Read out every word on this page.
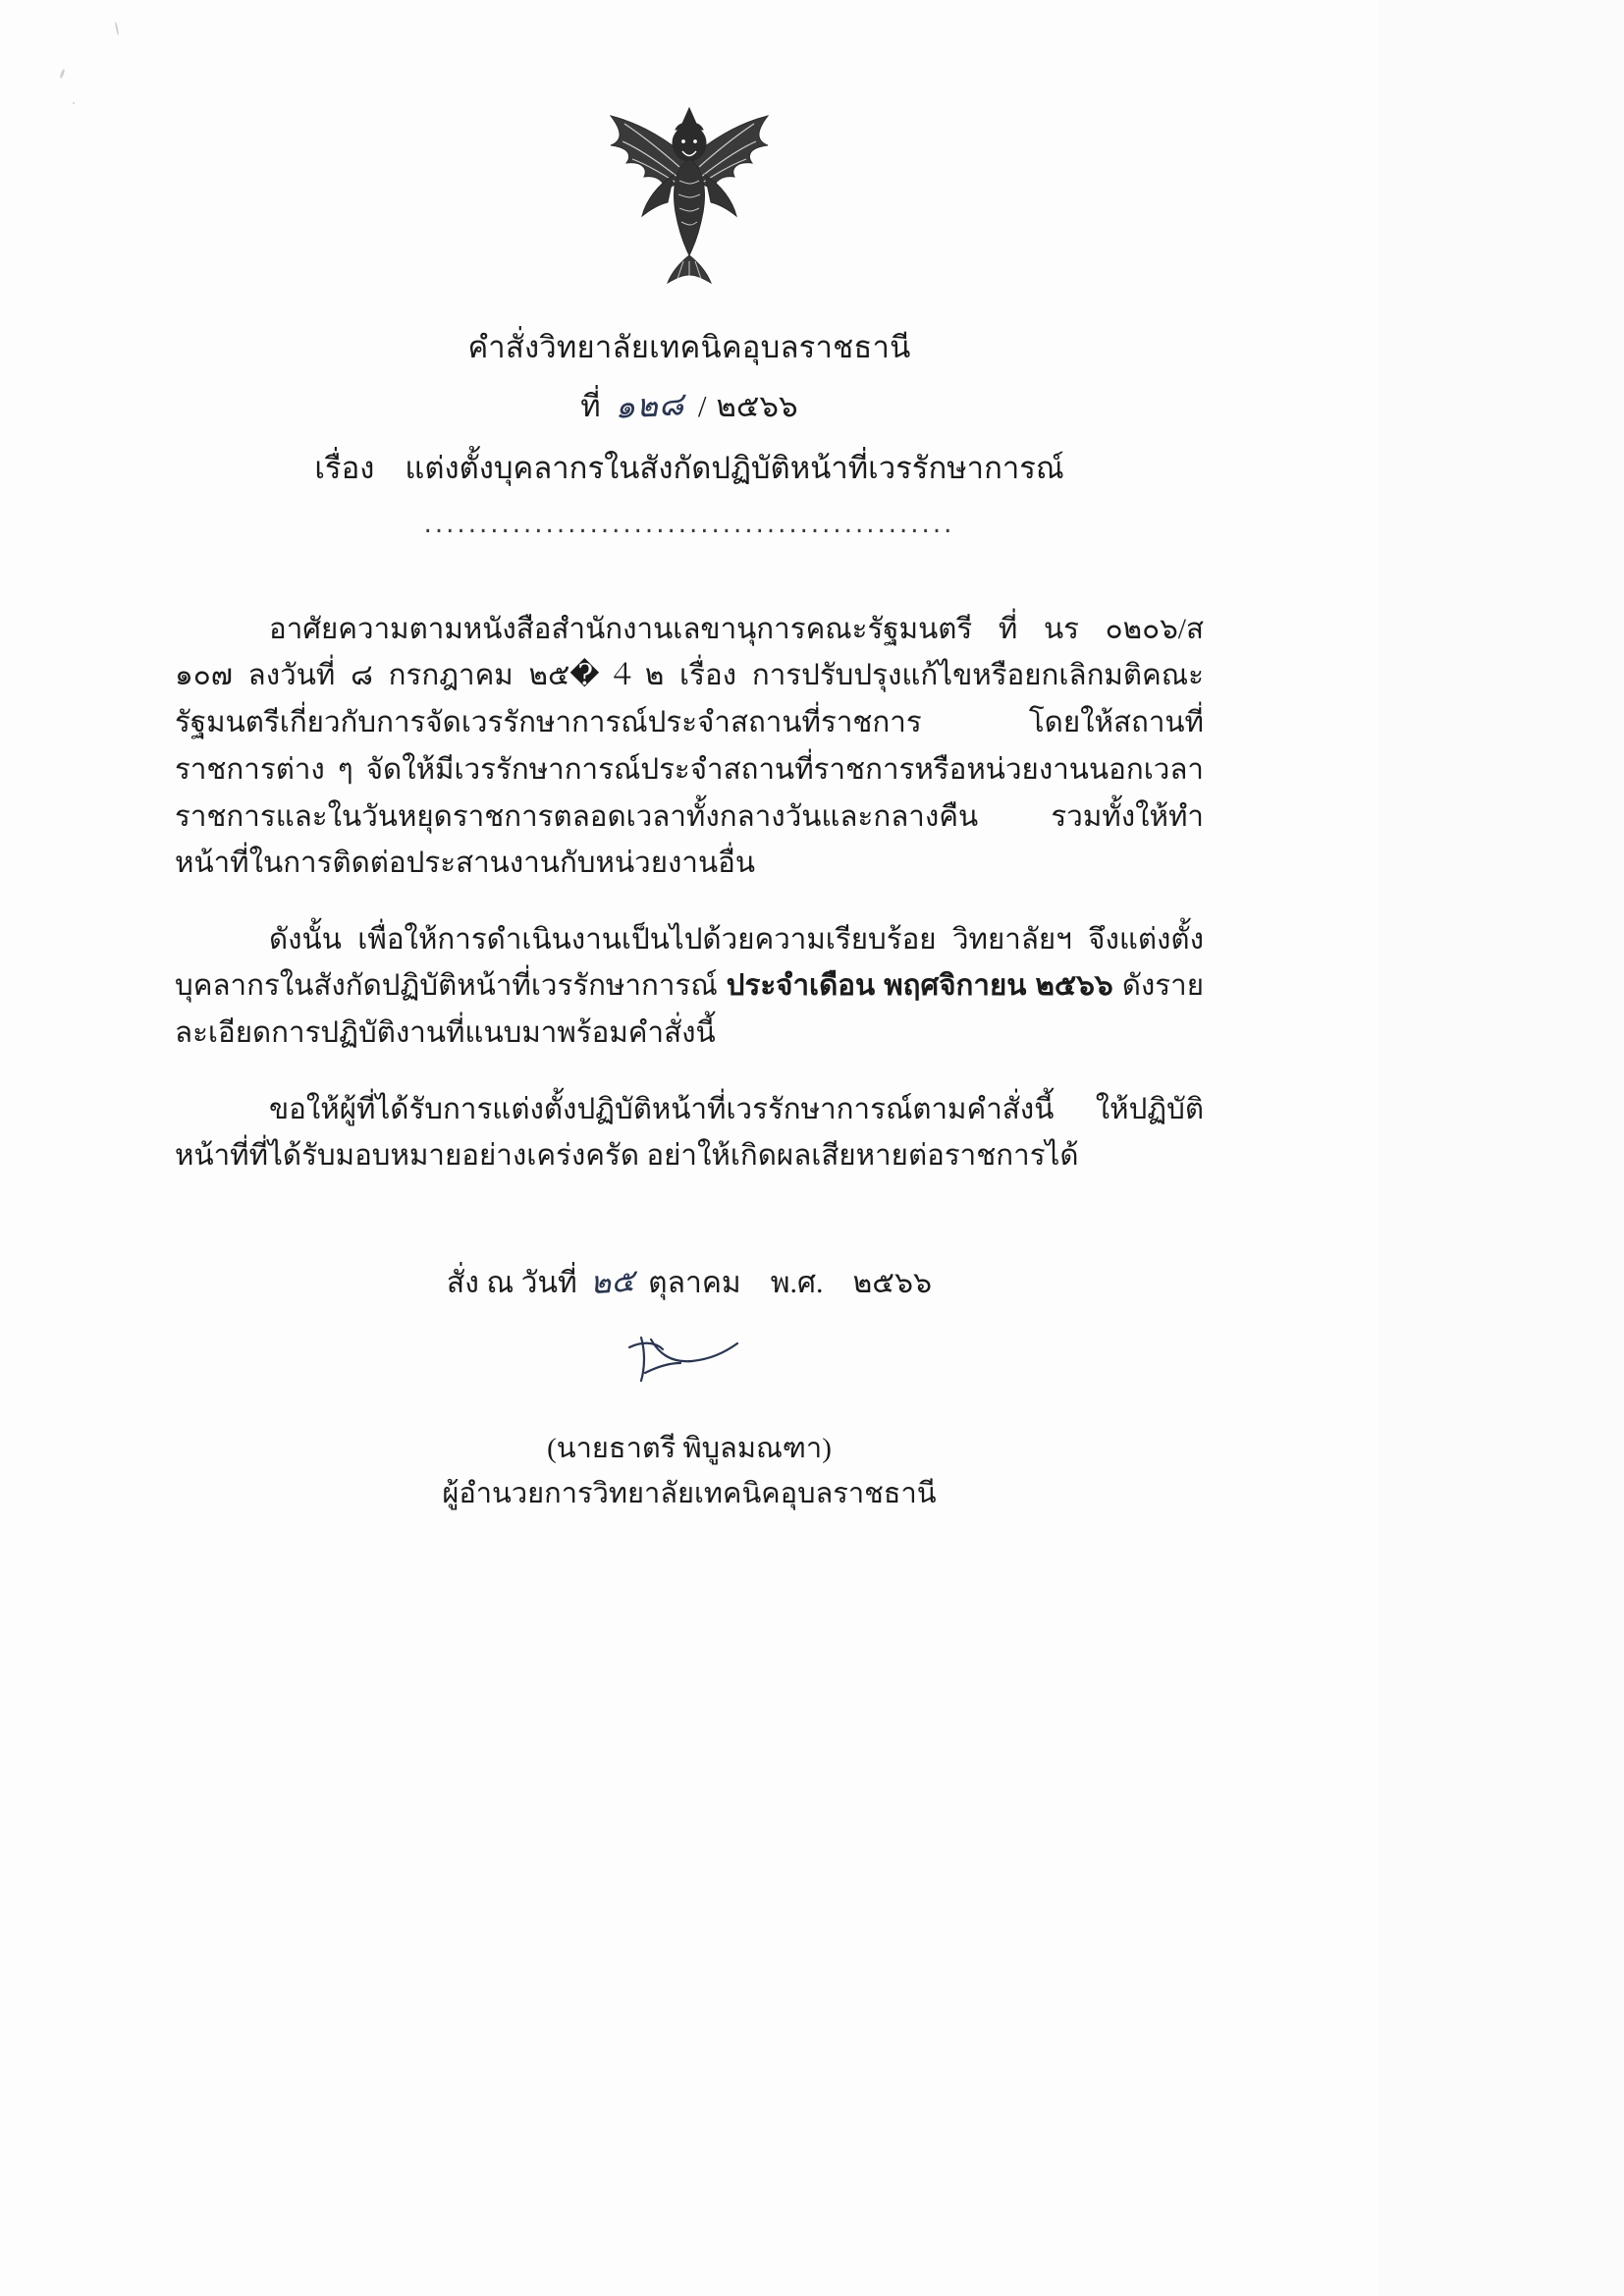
คำสั่งวิทยาลัยเทคนิคอุบลราชธานี
ที่ ๑๒๘ / ๒๕๖๖
เรื่อง แต่งตั้งบุคลากรในสังกัดปฏิบัติหน้าที่เวรรักษาการณ์
................................................

อาศัยความตามหนังสือสำนักงานเลขานุการคณะรัฐมนตรี ที่ นร ๐๒๐๖/ส ๑๐๗ ลงวันที่ ๘ กรกฎาคม ๒๕�４๒ เรื่อง การปรับปรุงแก้ไขหรือยกเลิกมติคณะรัฐมนตรีเกี่ยวกับการจัดเวรรักษาการณ์ประจำสถานที่ราชการ โดยให้สถานที่ราชการต่าง ๆ จัดให้มีเวรรักษาการณ์ประจำสถานที่ราชการหรือหน่วยงานนอกเวลาราชการและในวันหยุดราชการตลอดเวลาทั้งกลางวันและกลางคืน รวมทั้งให้ทำหน้าที่ในการติดต่อประสานงานกับหน่วยงานอื่น

ดังนั้น เพื่อให้การดำเนินงานเป็นไปด้วยความเรียบร้อย วิทยาลัยฯ จึงแต่งตั้งบุคลากรในสังกัดปฏิบัติหน้าที่เวรรักษาการณ์ ประจำเดือน พฤศจิกายน ๒๕๖๖ ดังรายละเอียดการปฏิบัติงานที่แนบมาพร้อมคำสั่งนี้

ขอให้ผู้ที่ได้รับการแต่งตั้งปฏิบัติหน้าที่เวรรักษาการณ์ตามคำสั่งนี้ ให้ปฏิบัติหน้าที่ที่ได้รับมอบหมายอย่างเคร่งครัด อย่าให้เกิดผลเสียหายต่อราชการได้

สั่ง ณ วันที่ ๒๕ ตุลาคม พ.ศ. ๒๕๖๖
(นายธาตรี พิบูลมณฑา)
ผู้อำนวยการวิทยาลัยเทคนิคอุบลราชธานี
